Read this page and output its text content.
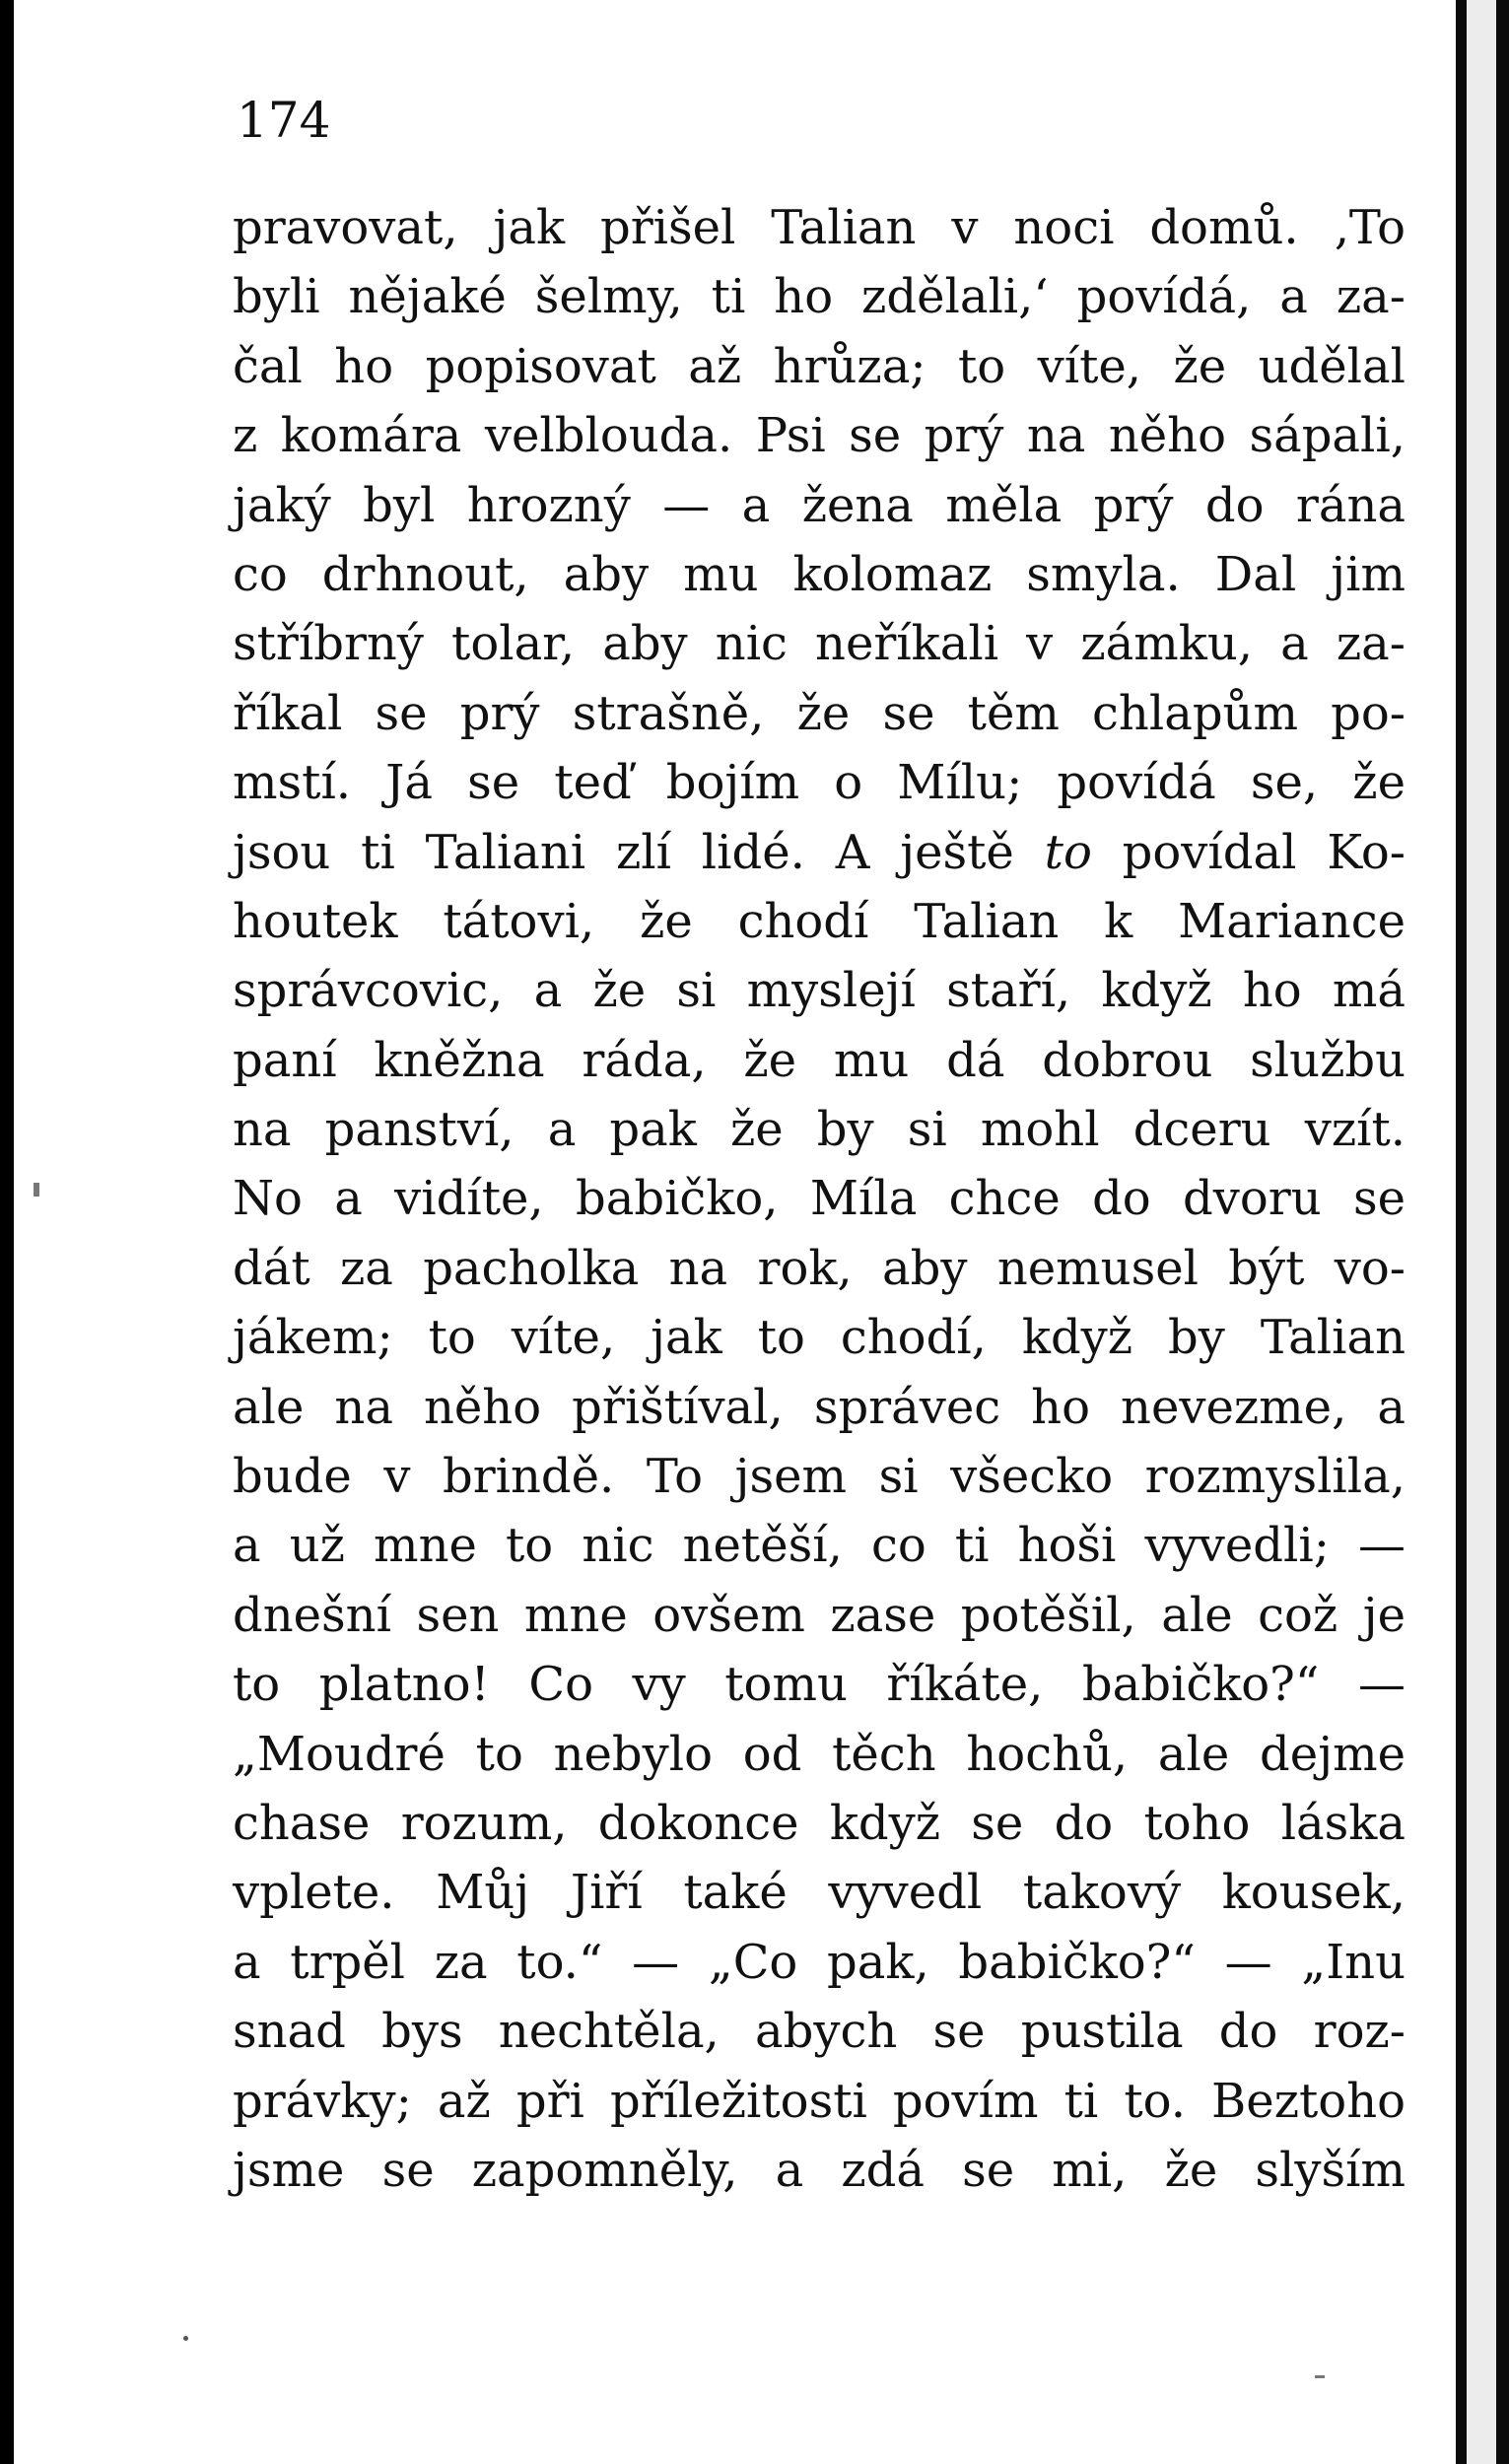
174
pravovat, jak přišel Talian v noci domů. ‚To
byli nějaké šelmy, ti ho zdělali,‘ povídá, a za-
čal ho popisovat až hrůza; to víte, že udělal
z komára velblouda. Psi se prý na něho sápali,
jaký byl hrozný — a žena měla prý do rána
co drhnout, aby mu kolomaz smyla. Dal jim
stříbrný tolar, aby nic neříkali v zámku, a za-
říkal se prý strašně, že se těm chlapům po-
mstí. Já se teď bojím o Mílu; povídá se, že
jsou ti Taliani zlí lidé. A ještě to povídal Ko-
houtek tátovi, že chodí Talian k Mariance
správcovic, a že si myslejí staří, když ho má
paní kněžna ráda, že mu dá dobrou službu
na panství, a pak že by si mohl dceru vzít.
No a vidíte, babičko, Míla chce do dvoru se
dát za pacholka na rok, aby nemusel být vo-
jákem; to víte, jak to chodí, když by Talian
ale na něho přištíval, správec ho nevezme, a
bude v brindě. To jsem si všecko rozmyslila,
a už mne to nic netěší, co ti hoši vyvedli; —
dnešní sen mne ovšem zase potěšil, ale což je
to platno! Co vy tomu říkáte, babičko?“ —
„Moudré to nebylo od těch hochů, ale dejme
chase rozum, dokonce když se do toho láska
vplete. Můj Jiří také vyvedl takový kousek,
a trpěl za to.“ — „Co pak, babičko?“ — „Inu
snad bys nechtěla, abych se pustila do roz-
právky; až při příležitosti povím ti to. Beztoho
jsme se zapomněly, a zdá se mi, že slyším
